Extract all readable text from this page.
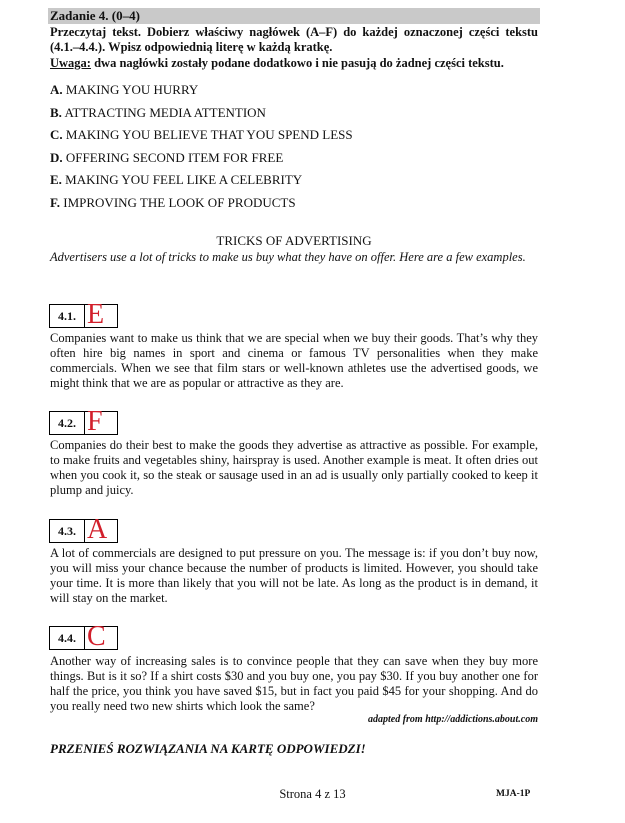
Zadanie 4. (0–4)
Przeczytaj tekst. Dobierz właściwy nagłówek (A–F) do każdej oznaczonej części tekstu (4.1.–4.4.). Wpisz odpowiednią literę w każdą kratkę.
Uwaga: dwa nagłówki zostały podane dodatkowo i nie pasują do żadnej części tekstu.
A. MAKING YOU HURRY
B. ATTRACTING MEDIA ATTENTION
C. MAKING YOU BELIEVE THAT YOU SPEND LESS
D. OFFERING SECOND ITEM FOR FREE
E. MAKING YOU FEEL LIKE A CELEBRITY
F. IMPROVING THE LOOK OF PRODUCTS
TRICKS OF ADVERTISING
Advertisers use a lot of tricks to make us buy what they have on offer. Here are a few examples.
4.1. E
Companies want to make us think that we are special when we buy their goods. That’s why they often hire big names in sport and cinema or famous TV personalities when they make commercials. When we see that film stars or well-known athletes use the advertised goods, we might think that we are as popular or attractive as they are.
4.2. F
Companies do their best to make the goods they advertise as attractive as possible. For example, to make fruits and vegetables shiny, hairspray is used. Another example is meat. It often dries out when you cook it, so the steak or sausage used in an ad is usually only partially cooked to keep it plump and juicy.
4.3. A
A lot of commercials are designed to put pressure on you. The message is: if you don’t buy now, you will miss your chance because the number of products is limited. However, you should take your time. It is more than likely that you will not be late. As long as the product is in demand, it will stay on the market.
4.4. C
Another way of increasing sales is to convince people that they can save when they buy more things. But is it so? If a shirt costs $30 and you buy one, you pay $30. If you buy another one for half the price, you think you have saved $15, but in fact you paid $45 for your shopping. And do you really need two new shirts which look the same?
adapted from http://addictions.about.com
PRZENIEŚ ROZWIĄZANIA NA KARTĘ ODPOWIEDZI!
Strona 4 z 13	MJA-1P
